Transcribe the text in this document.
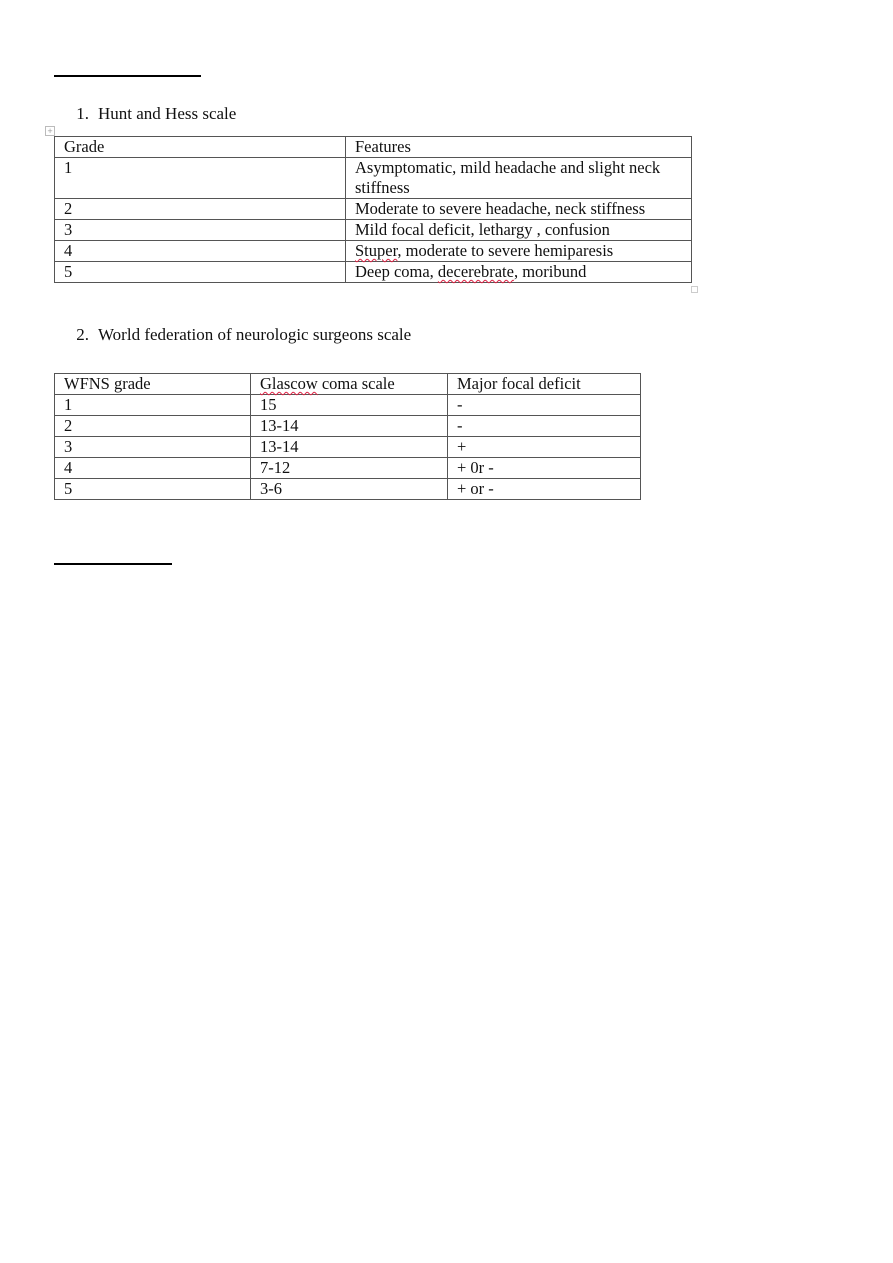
1. Hunt and Hess scale
+
Grade	Features
1	Asymptomatic, mild headache and slight neck stiffness
2	Moderate to severe headache, neck stiffness
3	Mild focal deficit, lethargy , confusion
4	Stuper, moderate to severe hemiparesis
5	Deep coma, decerebrate, moribund
2. World federation of neurologic surgeons scale
WFNS grade	Glascow coma scale	Major focal deficit
1	15	-
2	13-14	-
3	13-14	+
4	7-12	+ 0r -
5	3-6	+ or -
